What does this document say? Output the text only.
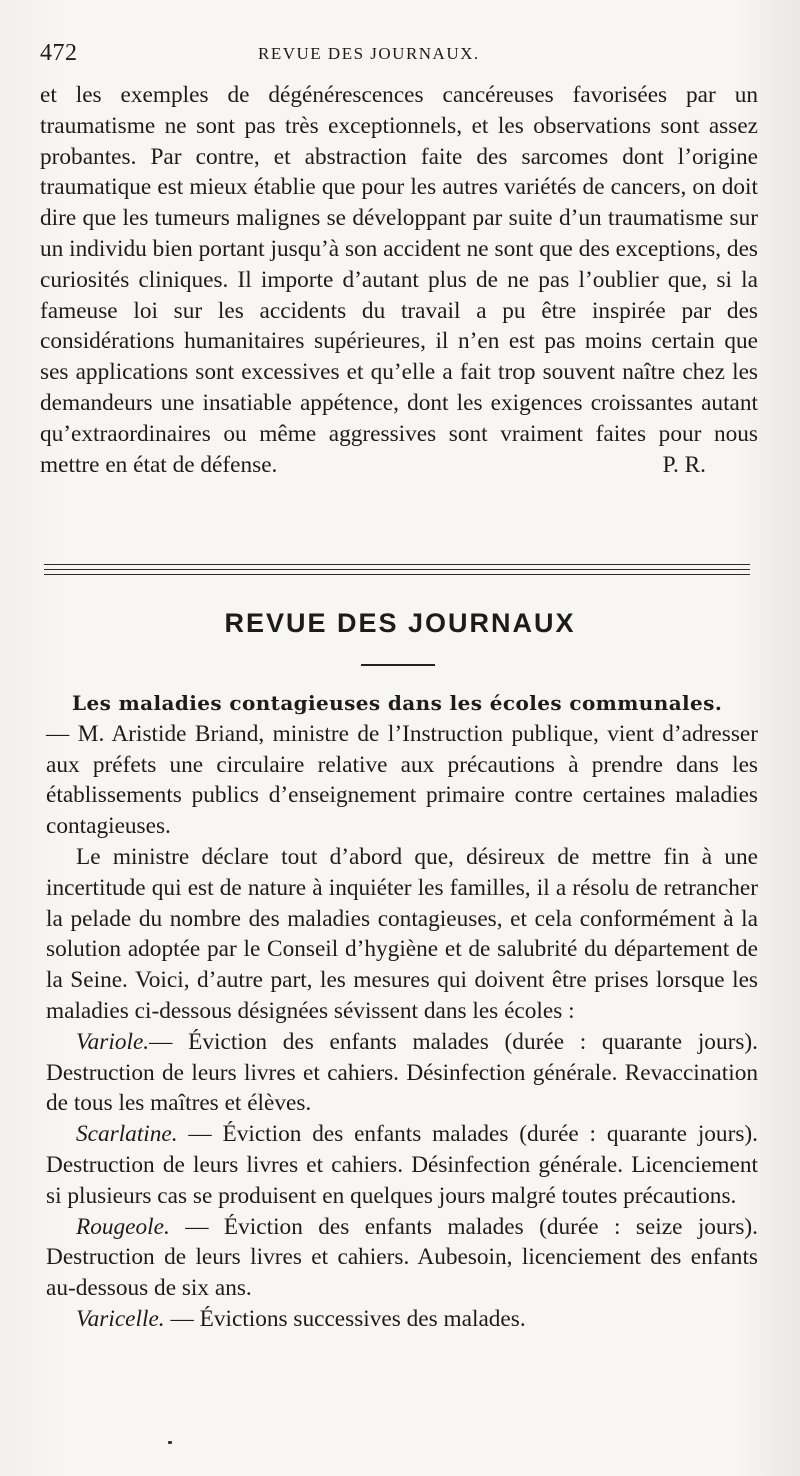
472	REVUE DES JOURNAUX.

et les exemples de dégénérescences cancéreuses favorisées par un traumatisme ne sont pas très exceptionnels, et les observations sont assez probantes. Par contre, et abstraction faite des sarcomes dont l’origine traumatique est mieux établie que pour les autres variétés de cancers, on doit dire que les tumeurs malignes se développant par suite d’un traumatisme sur un individu bien portant jusqu’à son accident ne sont que des exceptions, des curiosités cliniques. Il importe d’autant plus de ne pas l’oublier que, si la fameuse loi sur les accidents du travail a pu être inspirée par des considérations humanitaires supérieures, il n’en est pas moins certain que ses applications sont excessives et qu’elle a fait trop souvent naître chez les demandeurs une insatiable appétence, dont les exigences croissantes autant qu’extraordinaires ou même aggressives sont vraiment faites pour nous mettre en état de défense.	P. R.

REVUE DES JOURNAUX

Les maladies contagieuses dans les écoles communales.
— M. Aristide Briand, ministre de l’Instruction publique, vient d’adresser aux préfets une circulaire relative aux précautions à prendre dans les établissements publics d’enseignement primaire contre certaines maladies contagieuses.

Le ministre déclare tout d’abord que, désireux de mettre fin à une incertitude qui est de nature à inquiéter les familles, il a résolu de retrancher la pelade du nombre des maladies contagieuses, et cela conformément à la solution adoptée par le Conseil d’hygiène et de salubrité du département de la Seine. Voici, d’autre part, les mesures qui doivent être prises lorsque les maladies ci-dessous désignées sévissent dans les écoles :

Variole.— Éviction des enfants malades (durée : quarante jours). Destruction de leurs livres et cahiers. Désinfection générale. Revaccination de tous les maîtres et élèves.

Scarlatine. — Éviction des enfants malades (durée : quarante jours). Destruction de leurs livres et cahiers. Désinfection générale. Licenciement si plusieurs cas se produisent en quelques jours malgré toutes précautions.

Rougeole. — Éviction des enfants malades (durée : seize jours). Destruction de leurs livres et cahiers. Aubesoin, licenciement des enfants au-dessous de six ans.

Varicelle. — Évictions successives des malades.
